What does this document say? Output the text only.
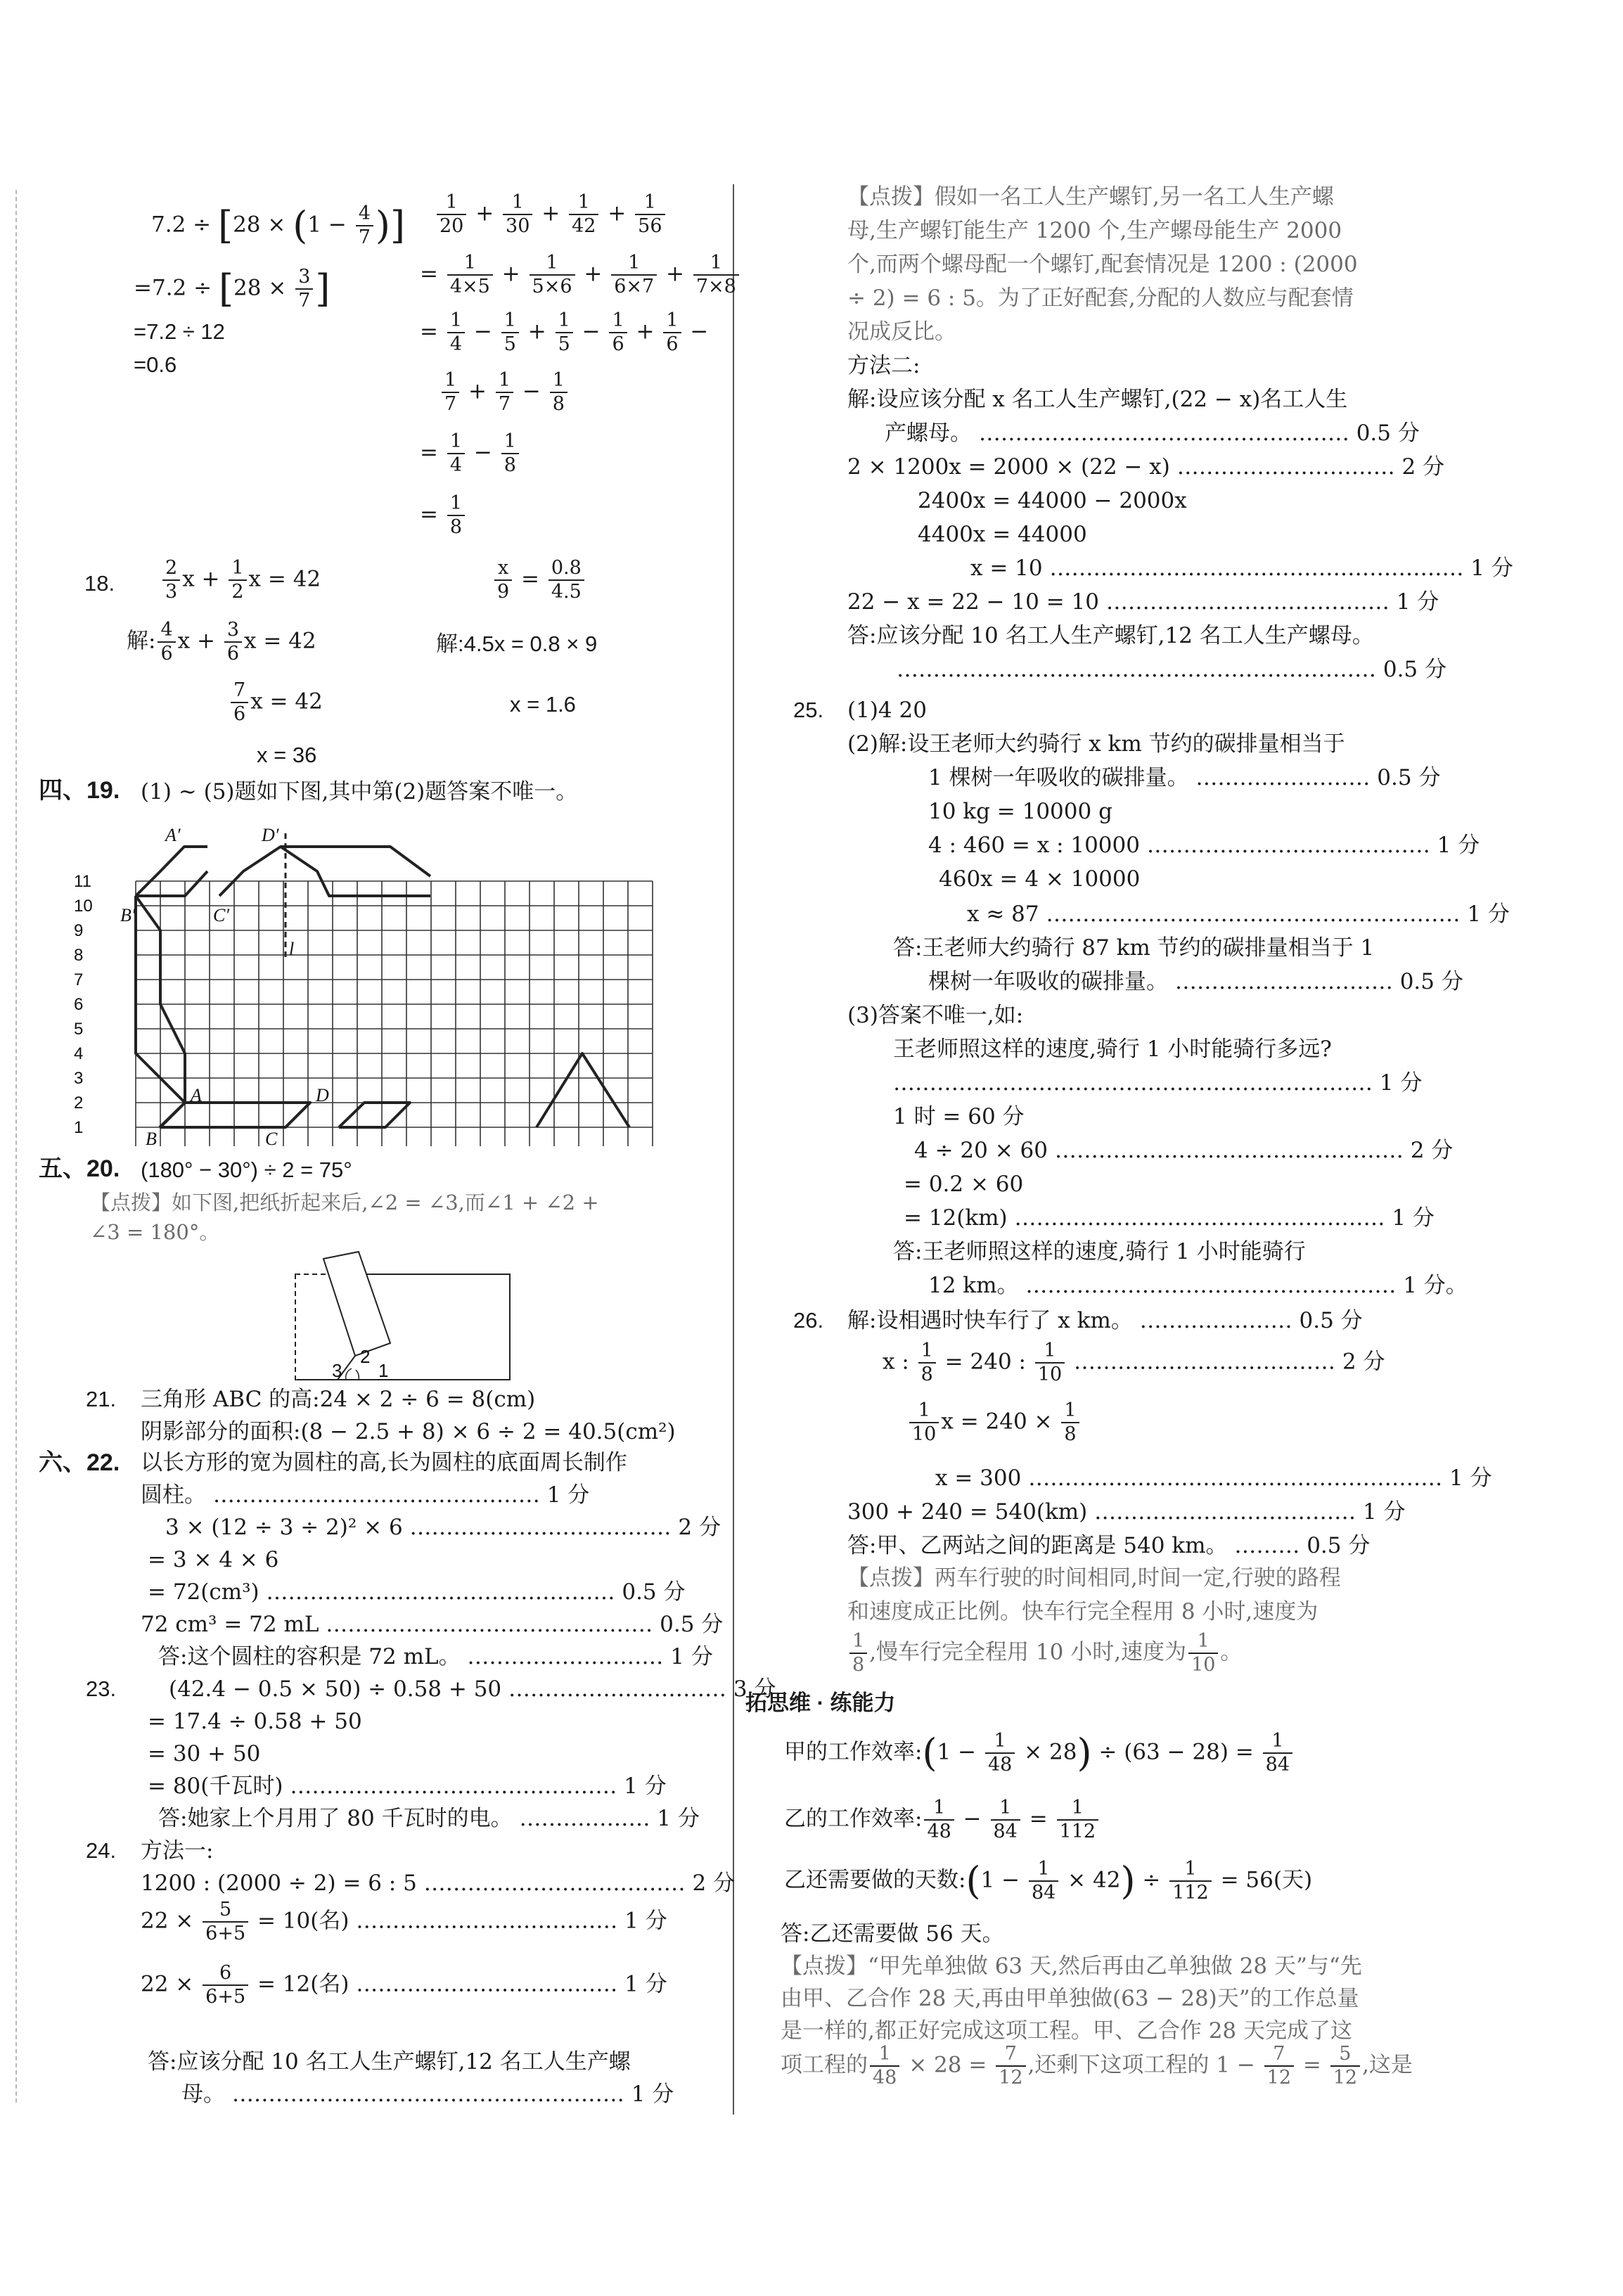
$7.2 \div [28 \times (1 - \frac{4}{7}$ )]
$=7.2 \div [28 \times \frac{3}{7}$ ]
=7.2 ÷ 12
=0.6
$\frac{1}{20} + \frac{1}{30} + \frac{1}{42} + \frac{1}{56}$
= $\frac{1}{4\times 5} + \frac{1}{5\times 6} + \frac{1}{6\times 7} + \frac{1}{7\times 8}$
= $\frac{1}{4} - \frac{1}{5} + \frac{1}{5} - \frac{1}{6} + \frac{1}{6}$ −
$\frac{1}{7} + \frac{1}{7} - \frac{1}{8}$
= $\frac{1}{4} - \frac{1}{8}$
= $\frac{1}{8}$
18.	$\frac{2}{3}$ $x + \frac{1}{2}$ x = 42
解: $\frac{4}{6}$ $x + \frac{3}{6}$ x = 42
$\frac{7}{6}$ x = 42
x = 36
$\frac{x}{9} = \frac{0.8}{4.5}$
解:4.5x = 0.8 × 9
x = 1.6
四、19. (1) ~ (5)题如下图,其中第(2)题答案不唯一。
1
2
3
4
5
6
7
8
9
10
11
A′	D′
B′	C′
l
A	D
B	C
五、20. (180° − 30°) ÷ 2 = 75°
【点拨】如下图,把纸折起来后,∠2 = ∠3,而∠1 + ∠2 +
∠3 = 180°。
1
2
3
21. 三角形 ABC 的高:24 × 2 ÷ 6 = 8(cm)
阴影部分的面积:(8 − 2.5 + 8) × 6 ÷ 2 = 40.5(cm²)
六、22. 以长方形的宽为圆柱的高,长为圆柱的底面周长制作
圆柱。 ……………………………………… 1 分
3 × (12 ÷ 3 ÷ 2)² × 6 ……………………………… 2 分
= 3 × 4 × 6
= 72(cm³) ………………………………………… 0.5 分
72 cm³ = 72 mL ……………………………………… 0.5 分
答:这个圆柱的容积是 72 mL。 ……………………… 1 分
23. (42.4 − 0.5 × 50) ÷ 0.58 + 50 ………………………… 3 分
= 17.4 ÷ 0.58 + 50
= 30 + 50
= 80(千瓦时) ……………………………………… 1 分
答:她家上个月用了 80 千瓦时的电。 ……………… 1 分
24. 方法一:
1200 : (2000 ÷ 2) = 6 : 5 ……………………………… 2 分
$22 \times \frac{5}{6+5} = 10$(名) ……………………………… 1 分
$22 \times \frac{6}{6+5} = 12$(名) ……………………………… 1 分
答:应该分配 10 名工人生产螺钉,12 名工人生产螺
母。 ……………………………………………… 1 分
【点拨】假如一名工人生产螺钉,另一名工人生产螺
母,生产螺钉能生产 1200 个,生产螺母能生产 2000
个,而两个螺母配一个螺钉,配套情况是 1200 : (2000
÷ 2) = 6 : 5。为了正好配套,分配的人数应与配套情
况成反比。
方法二:
解:设应该分配 x 名工人生产螺钉,(22 − x)名工人生
产螺母。 …………………………………………… 0.5 分
2 × 1200x = 2000 × (22 − x) ………………………… 2 分
2400x = 44000 − 2000x
4400x = 44000
x = 10 ………………………………………………… 1 分
22 − x = 22 − 10 = 10 ………………………………… 1 分
答:应该分配 10 名工人生产螺钉,12 名工人生产螺母。
………………………………………………………… 0.5 分
25. (1)4 20
(2)解:设王老师大约骑行 x km 节约的碳排量相当于
1 棵树一年吸收的碳排量。 …………………… 0.5 分
10 kg = 10000 g
4 : 460 = x : 10000 ………………………………… 1 分
460x = 4 × 10000
x ≈ 87 ………………………………………………… 1 分
答:王老师大约骑行 87 km 节约的碳排量相当于 1
棵树一年吸收的碳排量。 ………………………… 0.5 分
(3)答案不唯一,如:
王老师照这样的速度,骑行 1 小时能骑行多远?
………………………………………………………… 1 分
1 时 = 60 分
4 ÷ 20 × 60 ………………………………………… 2 分
= 0.2 × 60
= 12(km) …………………………………………… 1 分
答:王老师照这样的速度,骑行 1 小时能骑行
12 km。 …………………………………………… 1 分。
26. 解:设相遇时快车行了 x km。 ………………… 0.5 分
x = 300 ………………………………………………… 1 分
300 + 240 = 540(km) ……………………………… 1 分
答:甲、乙两站之间的距离是 540 km。 ……… 0.5 分
【点拨】两车行驶的时间相同,时间一定,行驶的路程
和速度成正比例。快车行完全程用 8 小时,速度为
拓思维 · 练能力
答:乙还需要做 56 天。
【点拨】“甲先单独做 63 天,然后再由乙单独做 28 天”与“先
由甲、乙合作 28 天,再由甲单独做(63 − 28)天”的工作总量
是一样的,都正好完成这项工程。甲、乙合作 28 天完成了这
x : $\frac{1}{8} = 240$ : $\frac{1}{10}$ ……………………………… 2 分
$\frac{1}{10}$ $x = 240 \times \frac{1}{8}$
$\frac{1}{8}$ ,慢车行完全程用 10 小时,速度为 $\frac{1}{10}$ 。
甲的工作效率:(1 − $\frac{1}{48} \times 28) \div (63 - 28) = \frac{1}{84}$
乙的工作效率: $\frac{1}{48} - \frac{1}{84} = \frac{1}{112}$
乙还需要做的天数:(1 − $\frac{1}{84} \times 42) \div \frac{1}{112} = 56$(天)
项工程的 $\frac{1}{48} \times 28 = \frac{7}{12}$ ,还剩下这项工程的 $1 - \frac{7}{12} = \frac{5}{12}$ ,这是
